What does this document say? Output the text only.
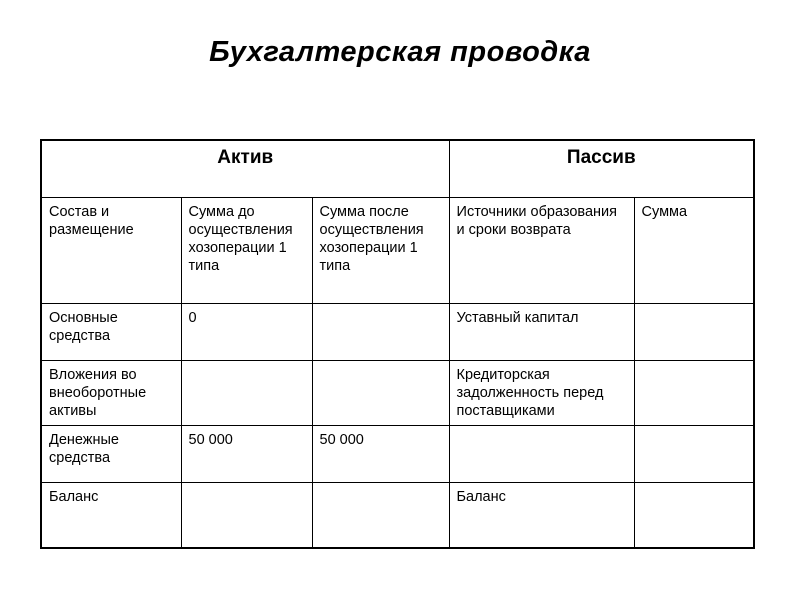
Бухгалтерская проводка
Актив			Пассив	
Состав и размещение	Сумма до осуществления хозоперации 1 типа	Сумма после осуществления хозоперации 1 типа	Источники образования и сроки возврата	Сумма
Основные средства	0		Уставный капитал	
Вложения во внеоборотные активы			Кредиторская задолженность перед поставщиками	
Денежные средства	50 000	50 000		
Баланс			Баланс	
